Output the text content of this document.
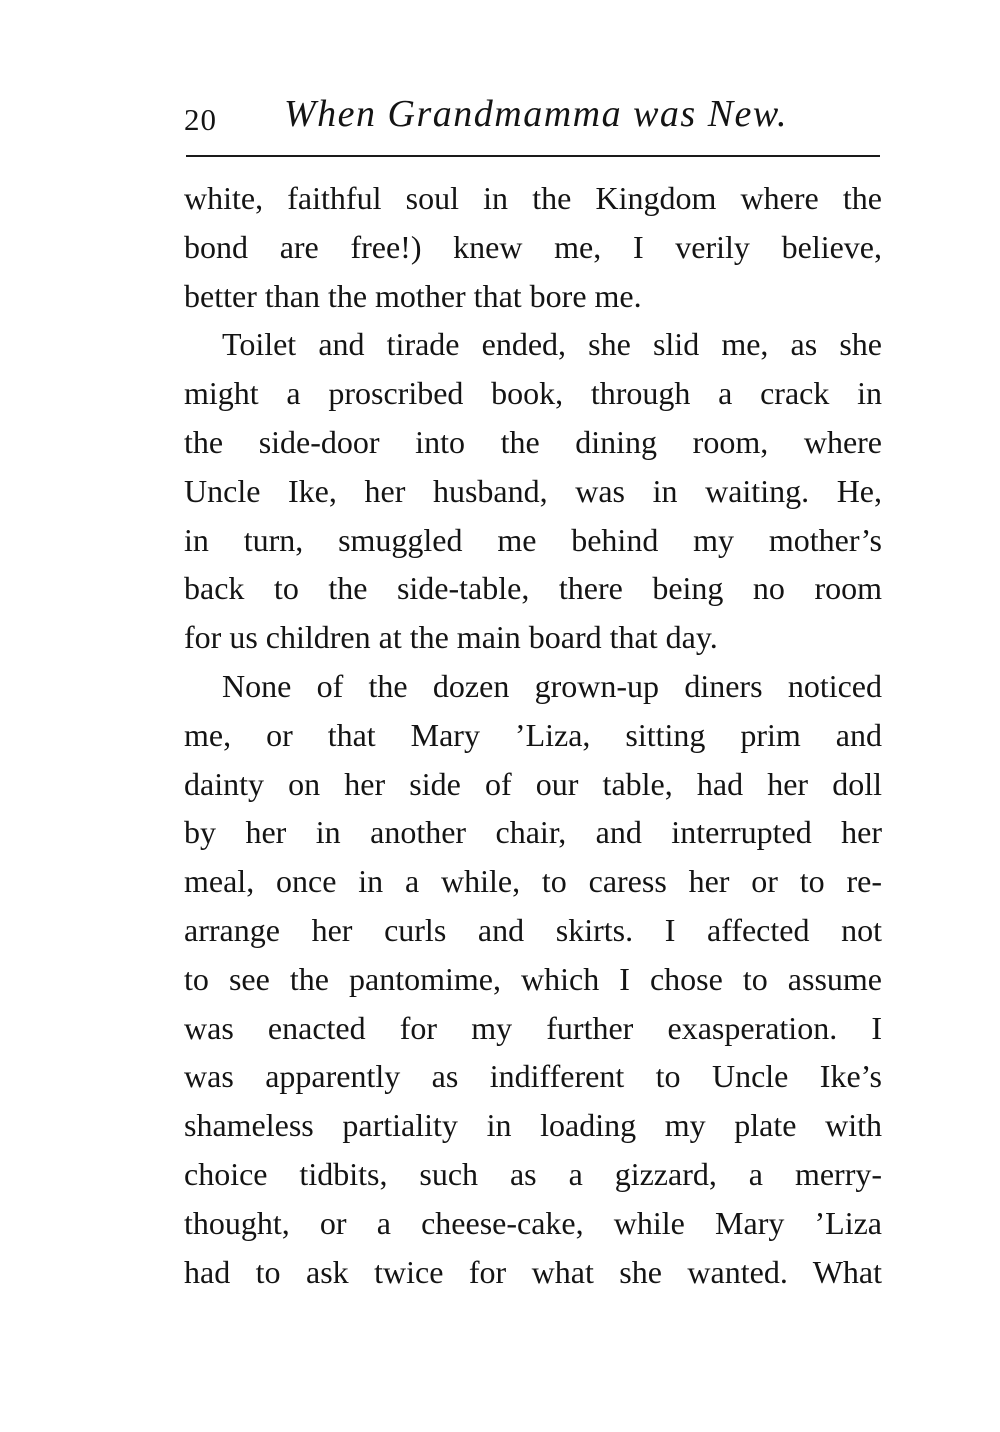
20 When Grandmamma was New.
white, faithful soul in the Kingdom where the
bond are free!) knew me, I verily believe,
better than the mother that bore me.
Toilet and tirade ended, she slid me, as she
might a proscribed book, through a crack in
the side-door into the dining room, where
Uncle Ike, her husband, was in waiting. He,
in turn, smuggled me behind my mother’s
back to the side-table, there being no room
for us children at the main board that day.
None of the dozen grown-up diners noticed
me, or that Mary ’Liza, sitting prim and
dainty on her side of our table, had her doll
by her in another chair, and interrupted her
meal, once in a while, to caress her or to re-
arrange her curls and skirts. I affected not
to see the pantomime, which I chose to assume
was enacted for my further exasperation. I
was apparently as indifferent to Uncle Ike’s
shameless partiality in loading my plate with
choice tidbits, such as a gizzard, a merry-
thought, or a cheese-cake, while Mary ’Liza
had to ask twice for what she wanted. What
